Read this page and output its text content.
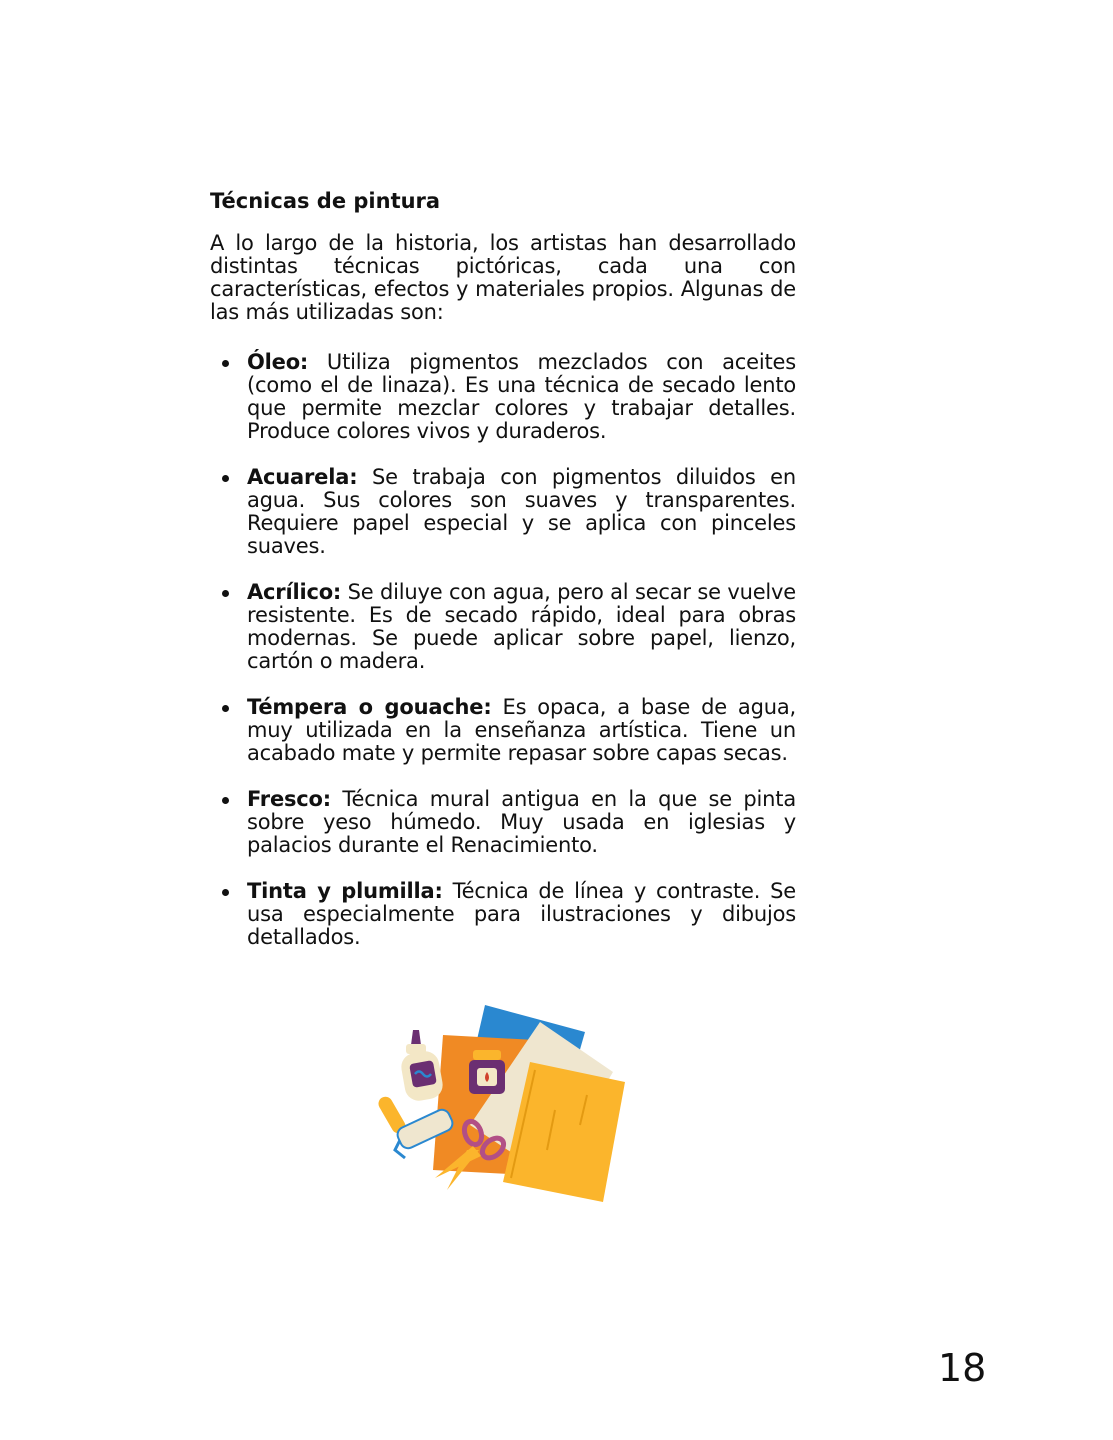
Técnicas de pintura

A lo largo de la historia, los artistas han desarrollado distintas técnicas pictóricas, cada una con características, efectos y materiales propios. Algunas de las más utilizadas son:

Óleo: Utiliza pigmentos mezclados con aceites (como el de linaza). Es una técnica de secado lento que permite mezclar colores y trabajar detalles. Produce colores vivos y duraderos.
Acuarela: Se trabaja con pigmentos diluidos en agua. Sus colores son suaves y transparentes. Requiere papel especial y se aplica con pinceles suaves.
Acrílico: Se diluye con agua, pero al secar se vuelve resistente. Es de secado rápido, ideal para obras modernas. Se puede aplicar sobre papel, lienzo, cartón o madera.
Témpera o gouache: Es opaca, a base de agua, muy utilizada en la enseñanza artística. Tiene un acabado mate y permite repasar sobre capas secas.
Fresco: Técnica mural antigua en la que se pinta sobre yeso húmedo. Muy usada en iglesias y palacios durante el Renacimiento.
Tinta y plumilla: Técnica de línea y contraste. Se usa especialmente para ilustraciones y dibujos detallados.
18
